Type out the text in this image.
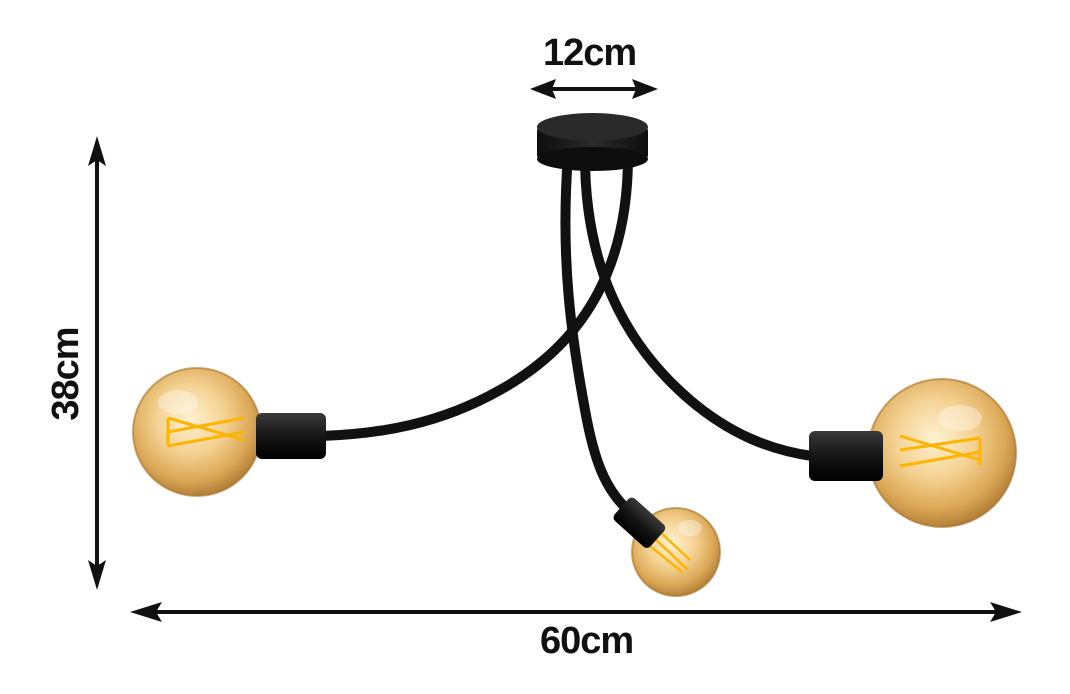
12cm
38cm
60cm
